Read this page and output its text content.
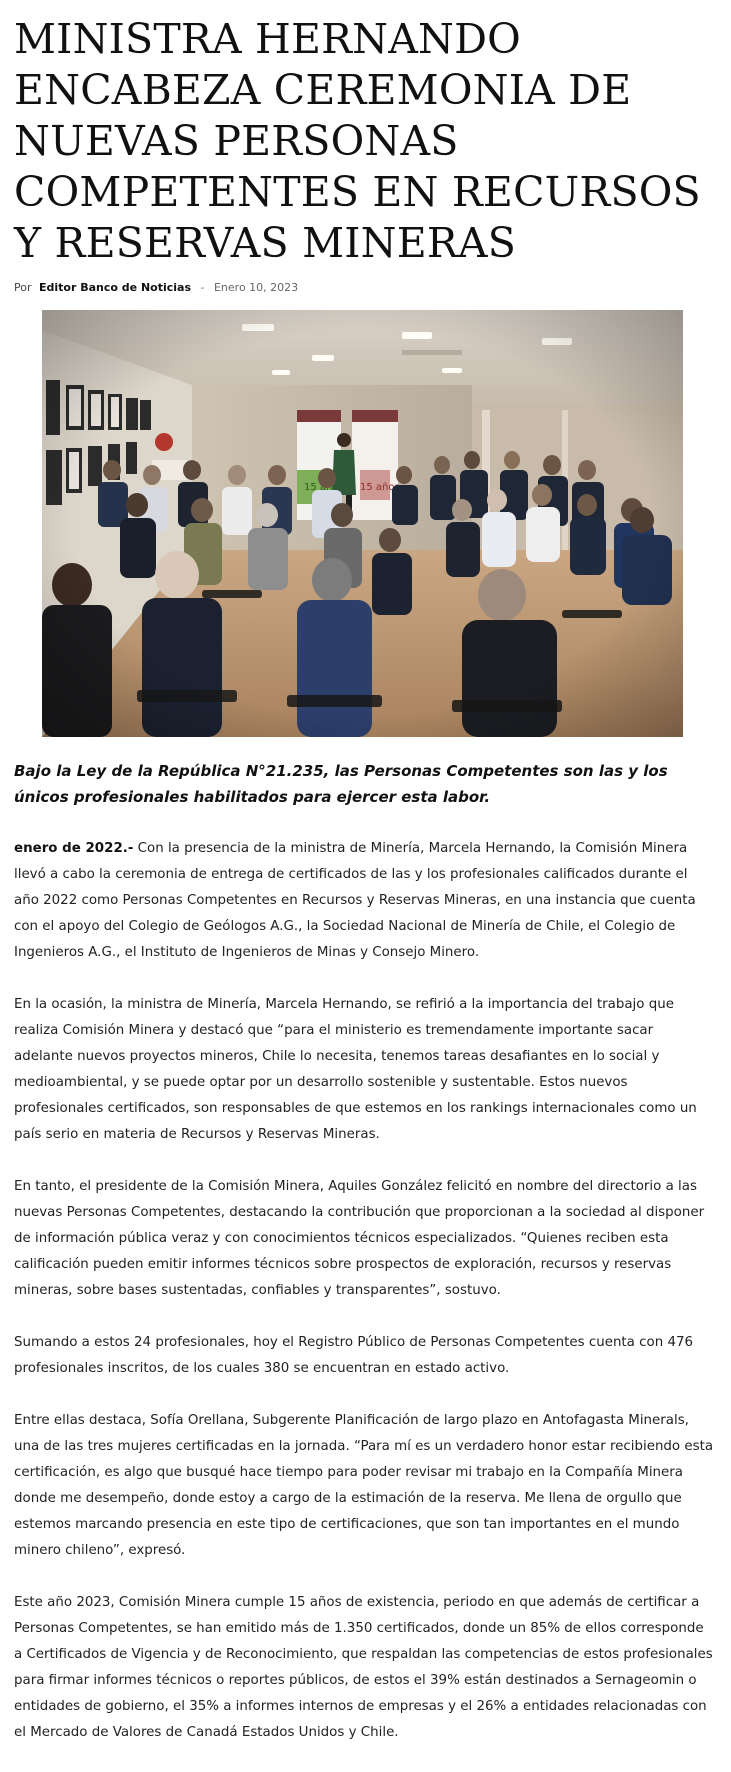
MINISTRA HERNANDO ENCABEZA CEREMONIA DE NUEVAS PERSONAS COMPETENTES EN RECURSOS Y RESERVAS MINERAS
Por Editor Banco de Noticias - Enero 10, 2023

Bajo la Ley de la República N°21.235, las Personas Competentes son las y los únicos profesionales habilitados para ejercer esta labor.

enero de 2022.- Con la presencia de la ministra de Minería, Marcela Hernando, la Comisión Minera llevó a cabo la ceremonia de entrega de certificados de las y los profesionales calificados durante el año 2022 como Personas Competentes en Recursos y Reservas Mineras, en una instancia que cuenta con el apoyo del Colegio de Geólogos A.G., la Sociedad Nacional de Minería de Chile, el Colegio de Ingenieros A.G., el Instituto de Ingenieros de Minas y Consejo Minero.

En la ocasión, la ministra de Minería, Marcela Hernando, se refirió a la importancia del trabajo que realiza Comisión Minera y destacó que “para el ministerio es tremendamente importante sacar adelante nuevos proyectos mineros, Chile lo necesita, tenemos tareas desafiantes en lo social y medioambiental, y se puede optar por un desarrollo sostenible y sustentable. Estos nuevos profesionales certificados, son responsables de que estemos en los rankings internacionales como un país serio en materia de Recursos y Reservas Mineras.

En tanto, el presidente de la Comisión Minera, Aquiles González felicitó en nombre del directorio a las nuevas Personas Competentes, destacando la contribución que proporcionan a la sociedad al disponer de información pública veraz y con conocimientos técnicos especializados. “Quienes reciben esta calificación pueden emitir informes técnicos sobre prospectos de exploración, recursos y reservas mineras, sobre bases sustentadas, confiables y transparentes”, sostuvo.

Sumando a estos 24 profesionales, hoy el Registro Público de Personas Competentes cuenta con 476 profesionales inscritos, de los cuales 380 se encuentran en estado activo.

Entre ellas destaca, Sofía Orellana, Subgerente Planificación de largo plazo en Antofagasta Minerals, una de las tres mujeres certificadas en la jornada. “Para mí es un verdadero honor estar recibiendo esta certificación, es algo que busqué hace tiempo para poder revisar mi trabajo en la Compañía Minera donde me desempeño, donde estoy a cargo de la estimación de la reserva. Me llena de orgullo que estemos marcando presencia en este tipo de certificaciones, que son tan importantes en el mundo minero chileno”, expresó.

Este año 2023, Comisión Minera cumple 15 años de existencia, periodo en que además de certificar a Personas Competentes, se han emitido más de 1.350 certificados, donde un 85% de ellos corresponde a Certificados de Vigencia y de Reconocimiento, que respaldan las competencias de estos profesionales para firmar informes técnicos o reportes públicos, de estos el 39% están destinados a Sernageomin o entidades de gobierno, el 35% a informes internos de empresas y el 26% a entidades relacionadas con el Mercado de Valores de Canadá Estados Unidos y Chile.
